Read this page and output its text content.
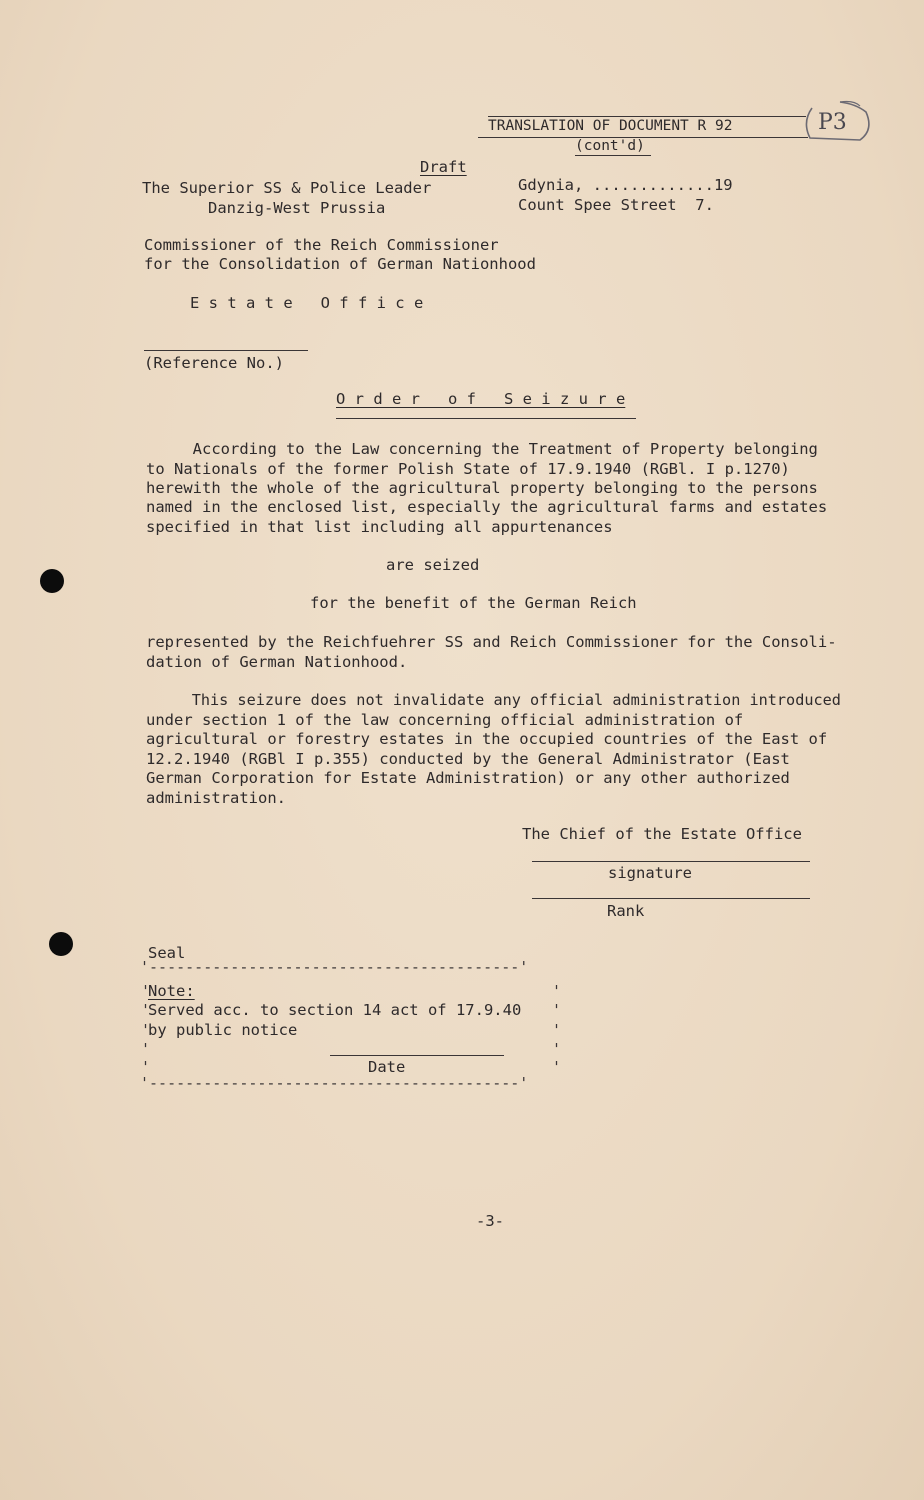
TRANSLATION OF DOCUMENT R 92
(cont'd)
P3
Draft
The Superior SS & Police Leader
Danzig-West Prussia
Gdynia, .............19
Count Spee Street  7.
Commissioner of the Reich Commissioner
for the Consolidation of German Nationhood
E s t a t e   O f f i c e
(Reference No.)
O r d e r   o f   S e i z u r e
According to the Law concerning the Treatment of Property belonging
to Nationals of the former Polish State of 17.9.1940 (RGBl. I p.1270)
herewith the whole of the agricultural property belonging to the persons
named in the enclosed list, especially the agricultural farms and estates
specified in that list including all appurtenances
are seized
for the benefit of the German Reich
represented by the Reichfuehrer SS and Reich Commissioner for the Consoli-
dation of German Nationhood.
This seizure does not invalidate any official administration introduced
under section 1 of the law concerning official administration of
agricultural or forestry estates in the occupied countries of the East of
12.2.1940 (RGBl I p.355) conducted by the General Administrator (East
German Corporation for Estate Administration) or any other authorized
administration.
The Chief of the Estate Office
signature
Rank
Seal
'-----------------------------------------'
Note:
'	'
Served acc. to section 14 act of 17.9.40
'	'
by public notice
'	'
'	'
Date
'	'
'-----------------------------------------'
-3-
